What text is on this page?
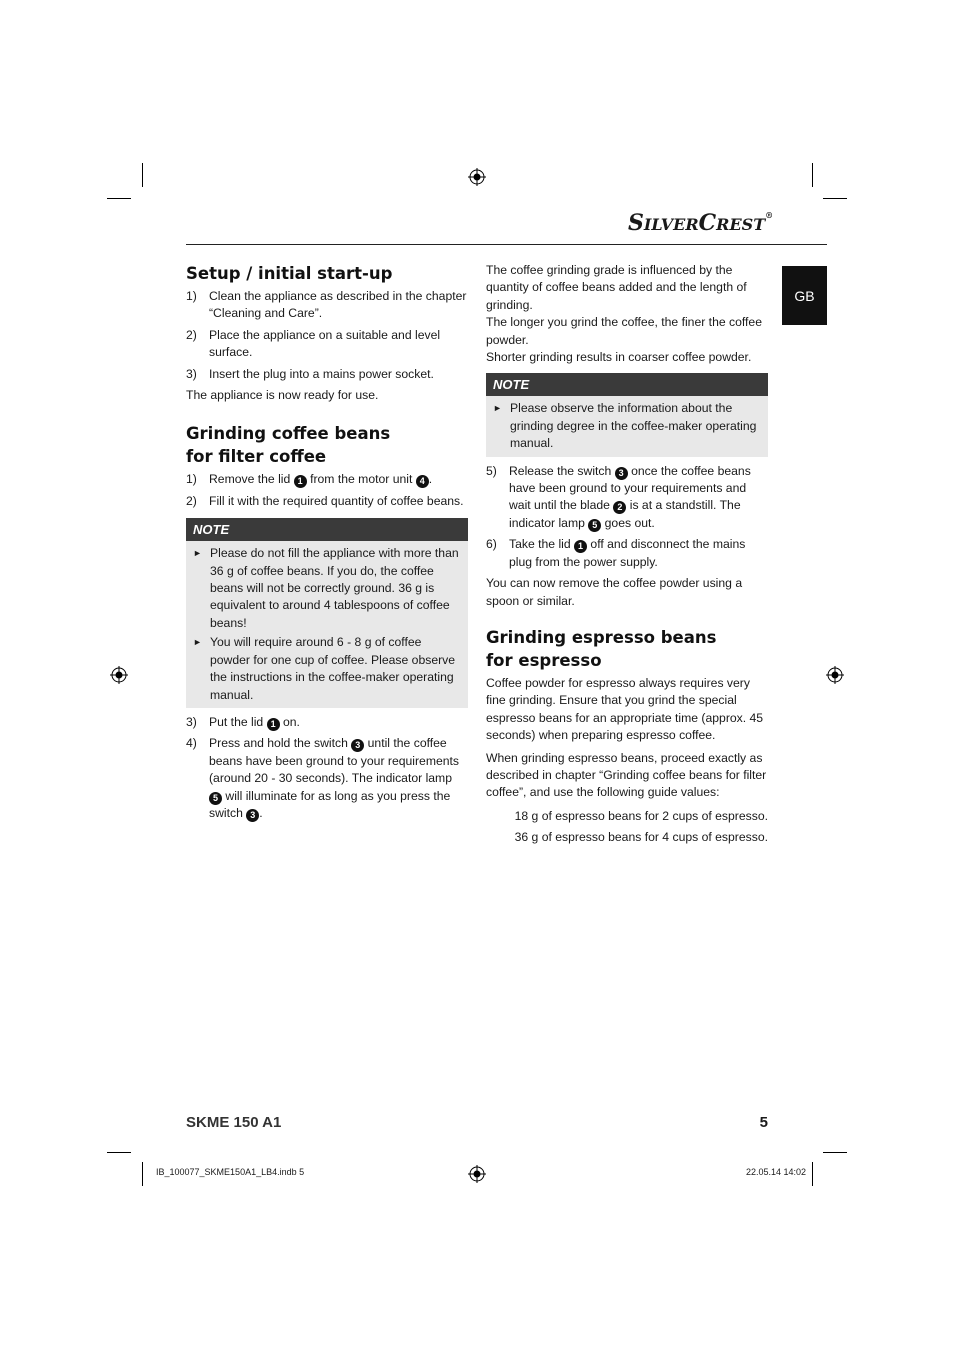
SILVERCREST®
GB
Setup / initial start-up
1) Clean the appliance as described in the chapter “Cleaning and Care”.
2) Place the appliance on a suitable and level surface.
3) Insert the plug into a mains power socket.

The appliance is now ready for use.

Grinding coffee beans
for filter coffee
1) Remove the lid 1 from the motor unit 4 .
2) Fill it with the required quantity of coffee beans.
NOTE
► Please do not fill the appliance with more than 36 g of coffee beans. If you do, the coffee beans will not be correctly ground. 36 g is equivalent to around 4 tablespoons of coffee beans!
► You will require around 6 - 8 g of coffee powder for one cup of coffee. Please observe the instructions in the coffee-maker operating manual.
3) Put the lid 1 on.
4) Press and hold the switch 3 until the coffee beans have been ground to your requirements (around 20 - 30 seconds). The indicator lamp 5 will illuminate for as long as you press the switch 3 .

The coffee grinding grade is influenced by the quantity of coffee beans added and the length of grinding.

The longer you grind the coffee, the finer the coffee powder.

Shorter grinding results in coarser coffee powder.

NOTE
► Please observe the information about the grinding degree in the coffee-maker operating manual.
5) Release the switch 3 once the coffee beans have been ground to your requirements and wait until the blade 2 is at a standstill. The indicator lamp 5 goes out.
6) Take the lid 1 off and disconnect the mains plug from the power supply.

You can now remove the coffee powder using a spoon or similar.

Grinding espresso beans
for espresso

Coffee powder for espresso always requires very fine grinding. Ensure that you grind the special espresso beans for an appropriate time (approx. 45 seconds) when preparing espresso coffee.

When grinding espresso beans, proceed exactly as described in chapter “Grinding coffee beans for filter coffee”, and use the following guide values:

18 g of espresso beans for 2 cups of espresso.

36 g of espresso beans for 4 cups of espresso.

SKME 150 A1	5
IB_100077_SKME150A1_LB4.indb 5	22.05.14 14:02
